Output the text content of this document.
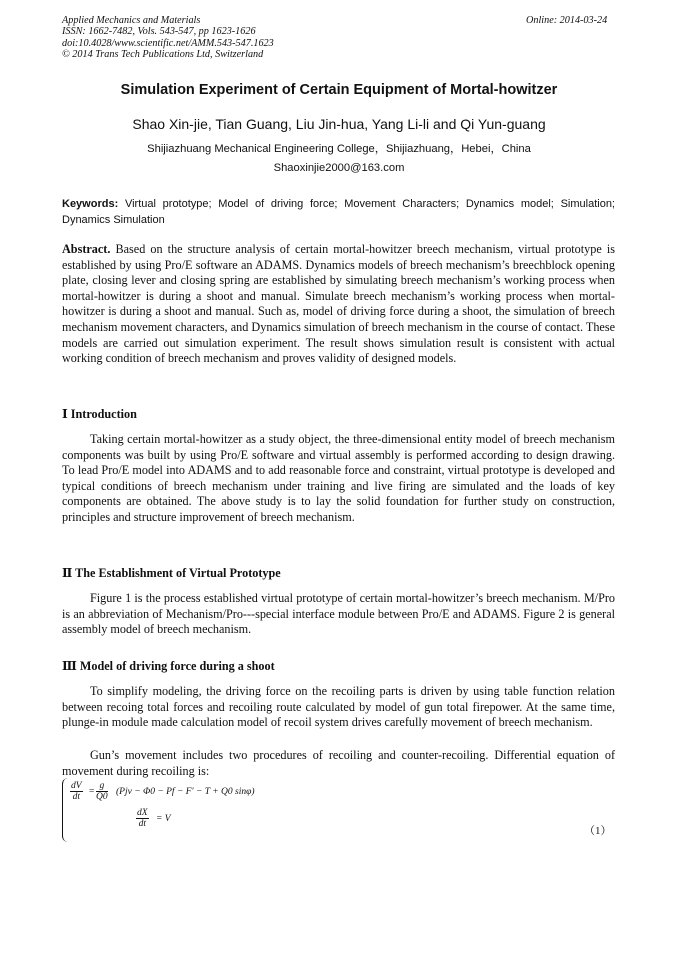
Applied Mechanics and Materials
ISSN: 1662-7482, Vols. 543-547, pp 1623-1626
doi:10.4028/www.scientific.net/AMM.543-547.1623
© 2014 Trans Tech Publications Ltd, Switzerland
Online: 2014-03-24
Simulation Experiment of Certain Equipment of Mortal-howitzer
Shao Xin-jie, Tian Guang, Liu Jin-hua, Yang Li-li and Qi Yun-guang
Shijiazhuang Mechanical Engineering College，Shijiazhuang，Hebei，China
Shaoxinjie2000@163.com
Keywords: Virtual prototype; Model of driving force; Movement Characters; Dynamics model; Simulation; Dynamics Simulation
Abstract. Based on the structure analysis of certain mortal-howitzer breech mechanism, virtual prototype is established by using Pro/E software an ADAMS. Dynamics models of breech mechanism’s breechblock opening plate, closing lever and closing spring are established by simulating breech mechanism’s working process when mortal-howitzer is during a shoot and manual. Simulate breech mechanism’s working process when mortal-howitzer is during a shoot and manual. Such as, model of driving force during a shoot, the simulation of breech mechanism movement characters, and Dynamics simulation of breech mechanism in the course of contact. These models are carried out simulation experiment. The result shows simulation result is consistent with actual working condition of breech mechanism and proves validity of designed models.
Ⅰ Introduction
Taking certain mortal-howitzer as a study object, the three-dimensional entity model of breech mechanism components was built by using Pro/E software and virtual assembly is performed according to design drawing. To lead Pro/E model into ADAMS and to add reasonable force and constraint, virtual prototype is developed and typical conditions of breech mechanism under training and live firing are simulated and the loads of key components are obtained. The above study is to lay the solid foundation for further study on construction, principles and structure improvement of breech mechanism.
Ⅱ The Establishment of Virtual Prototype
Figure 1 is the process established virtual prototype of certain mortal-howitzer’s breech mechanism. M/Pro is an abbreviation of Mechanism/Pro---special interface module between Pro/E and ADAMS. Figure 2 is general assembly model of breech mechanism.
Ⅲ Model of driving force during a shoot
To simplify modeling, the driving force on the recoiling parts is driven by using table function relation between recoing total forces and recoiling route calculated by model of gun total firepower. At the same time, plunge-in module made calculation model of recoil system drives carefully movement of breech mechanism.
Gun’s movement includes two procedures of recoiling and counter-recoiling. Differential equation of movement during recoiling is:
$\frac{dV}{dt} = \frac{g}{Q0} (Pjv - \Phi 0 - Pf - F' - T + Q0$ sinφ)
$\frac{dX}{dt} = V$
（1）
